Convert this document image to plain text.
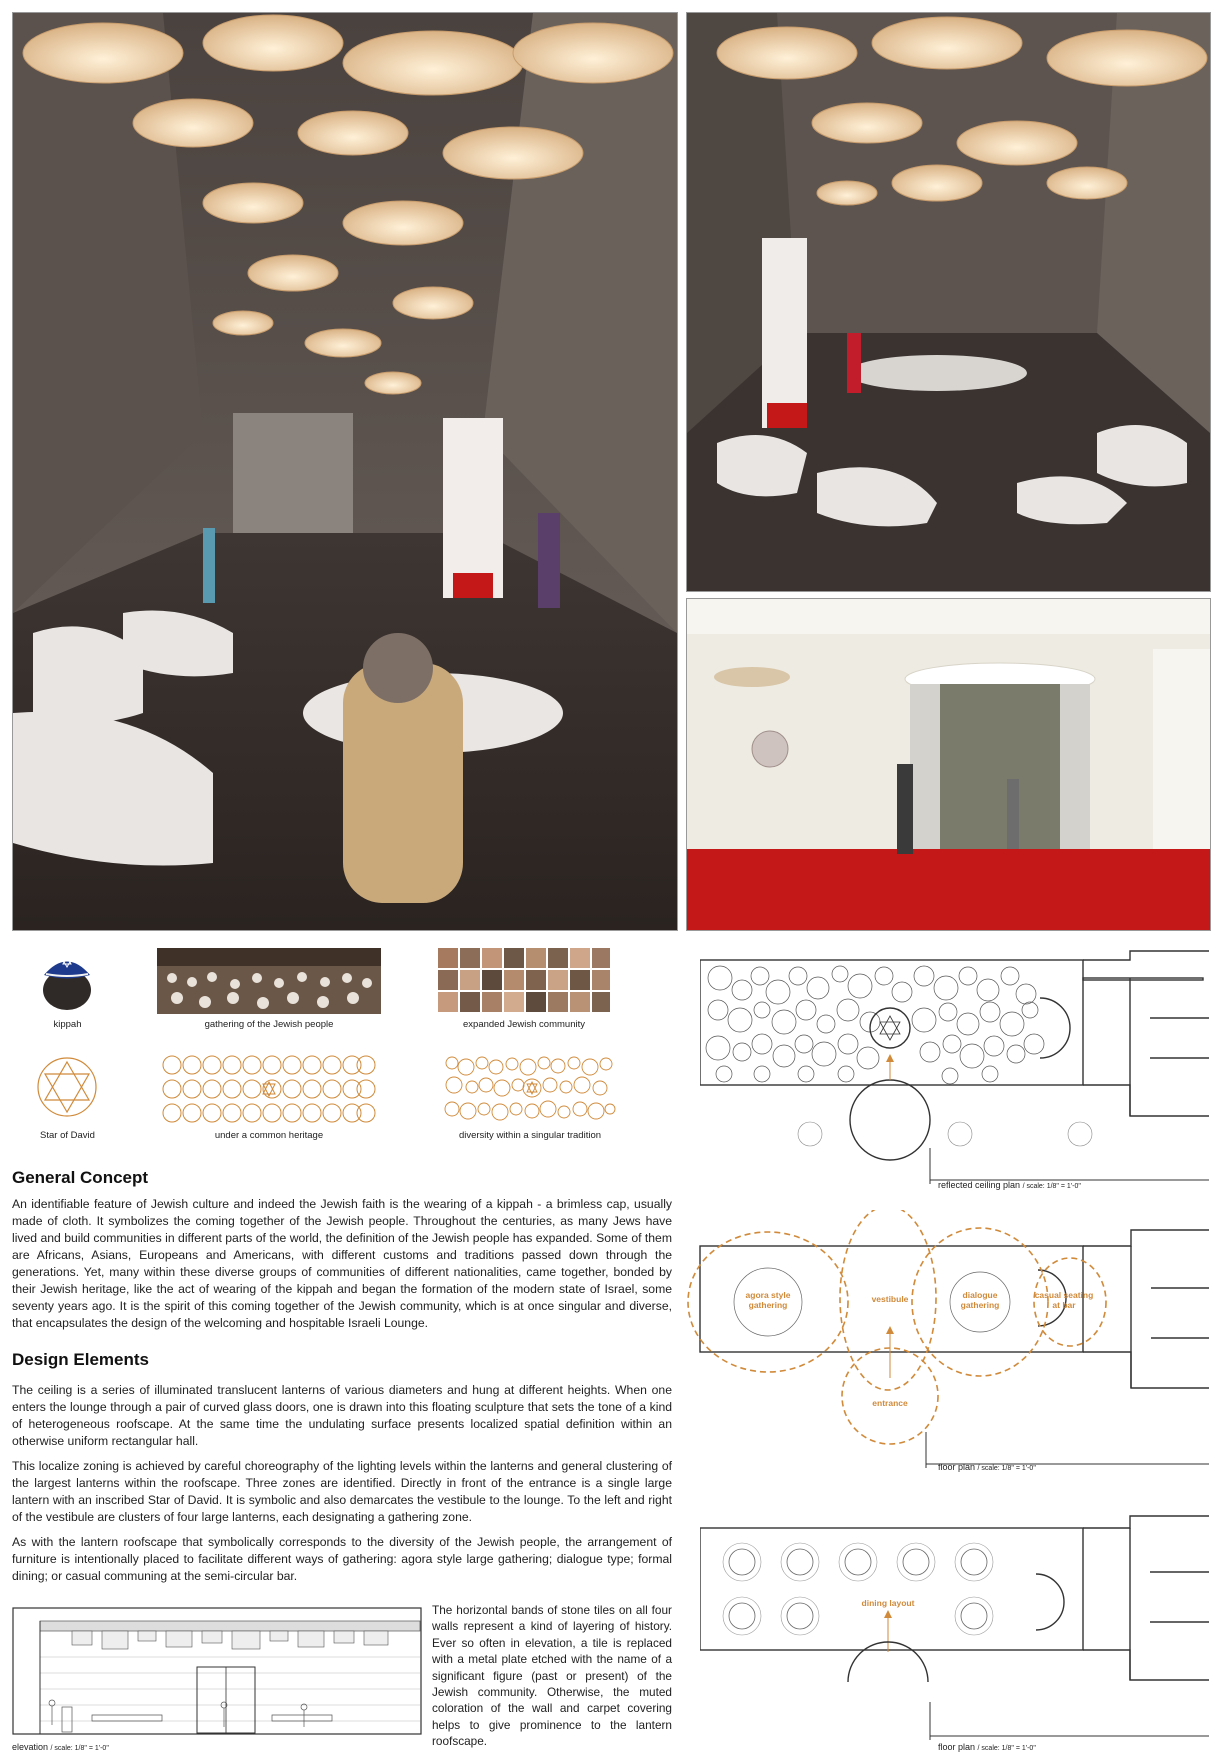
kippah	gathering of the Jewish people	expanded Jewish community
Star of David	under a common heritage	diversity within a singular tradition
General Concept

An identifiable feature of Jewish culture and indeed the Jewish faith is the wearing of a kippah - a brimless cap, usually made of cloth. It symbolizes the coming together of the Jewish people. Throughout the centuries, as many Jews have lived and build communities in different parts of the world, the definition of the Jewish people has expanded. Some of them are Africans, Asians, Europeans and Americans, with different customs and traditions passed down through the generations. Yet, many within these diverse groups of communities of different nationalities, came together, bonded by their Jewish heritage, like the act of wearing of the kippah and began the formation of the modern state of Israel, some seventy years ago. It is the spirit of this coming together of the Jewish community, which is at once singular and diverse, that encapsulates the design of the welcoming and hospitable Israeli Lounge.

Design Elements

The ceiling is a series of illuminated translucent lanterns of various diameters and hung at different heights. When one enters the lounge through a pair of curved glass doors, one is drawn into this floating sculpture that sets the tone of a kind of heterogeneous roofscape. At the same time the undulating surface presents localized spatial definition within an otherwise uniform rectangular hall.

This localize zoning is achieved by careful choreography of the lighting levels within the lanterns and general clustering of the largest lanterns within the roofscape. Three zones are identified. Directly in front of the entrance is a single large lantern with an inscribed Star of David. It is symbolic and also demarcates the vestibule to the lounge. To the left and right of the vestibule are clusters of four large lanterns, each designating a gathering zone.

As with the lantern roofscape that symbolically corresponds to the diversity of the Jewish people, the arrangement of furniture is intentionally placed to facilitate different ways of gathering: agora style large gathering; dialogue type; formal dining; or casual communing at the semi-circular bar.

elevation / scale: 1/8" = 1'-0"

The horizontal bands of stone tiles on all four walls represent a kind of layering of history. Ever so often in elevation, a tile is replaced with a metal plate etched with the name of a significant figure (past or present) of the Jewish community. Otherwise, the muted coloration of the wall and carpet covering helps to give prominence to the lantern roofscape.

reflected ceiling plan / scale: 1/8" = 1'-0"
agora style
gathering
vestibule	dialogue
gathering
casual seating
at bar
entrance
floor plan / scale: 1/8" = 1'-0"
dining layout
floor plan / scale: 1/8" = 1'-0"
